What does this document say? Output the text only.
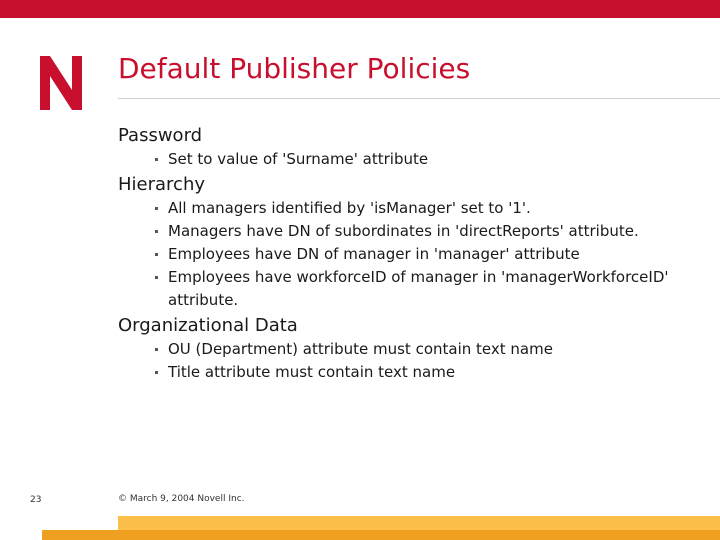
Default Publisher Policies

Password

Set to value of 'Surname' attribute

Hierarchy

All managers identified by 'isManager' set to '1'.
Managers have DN of subordinates in 'directReports' attribute.
Employees have DN of manager in 'manager' attribute
Employees have workforceID of manager in 'managerWorkforceID' attribute.

Organizational Data

OU (Department) attribute must contain text name
Title attribute must contain text name
23	© March 9, 2004 Novell Inc.
